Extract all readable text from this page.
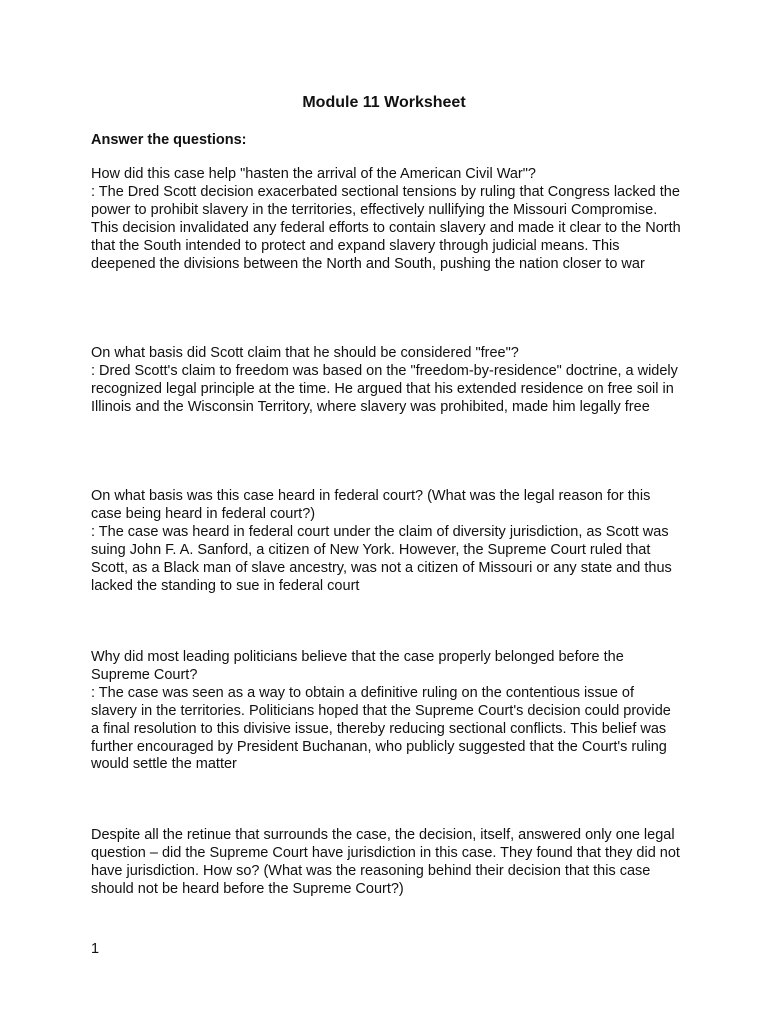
Module 11 Worksheet
Answer the questions:

How did this case help "hasten the arrival of the American Civil War"?

: The Dred Scott decision exacerbated sectional tensions by ruling that Congress lacked the power to prohibit slavery in the territories, effectively nullifying the Missouri Compromise. This decision invalidated any federal efforts to contain slavery and made it clear to the North that the South intended to protect and expand slavery through judicial means. This deepened the divisions between the North and South, pushing the nation closer to war

On what basis did Scott claim that he should be considered "free"?

: Dred Scott's claim to freedom was based on the "freedom-by-residence" doctrine, a widely recognized legal principle at the time. He argued that his extended residence on free soil in Illinois and the Wisconsin Territory, where slavery was prohibited, made him legally free

On what basis was this case heard in federal court? (What was the legal reason for this case being heard in federal court?)

: The case was heard in federal court under the claim of diversity jurisdiction, as Scott was suing John F. A. Sanford, a citizen of New York. However, the Supreme Court ruled that Scott, as a Black man of slave ancestry, was not a citizen of Missouri or any state and thus lacked the standing to sue in federal court

Why did most leading politicians believe that the case properly belonged before the Supreme Court?

: The case was seen as a way to obtain a definitive ruling on the contentious issue of slavery in the territories. Politicians hoped that the Supreme Court's decision could provide a final resolution to this divisive issue, thereby reducing sectional conflicts. This belief was further encouraged by President Buchanan, who publicly suggested that the Court's ruling would settle the matter

Despite all the retinue that surrounds the case, the decision, itself, answered only one legal question – did the Supreme Court have jurisdiction in this case. They found that they did not have jurisdiction. How so? (What was the reasoning behind their decision that this case should not be heard before the Supreme Court?)

1
